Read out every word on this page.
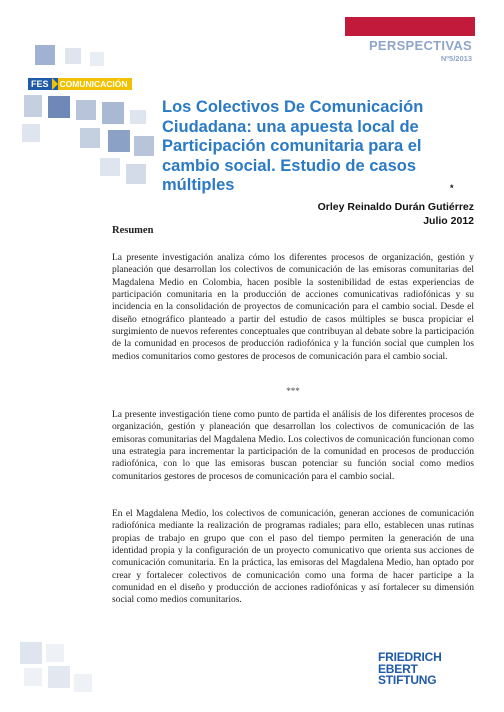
PERSPECTIVAS
Nº5/2013
FES	COMUNICACIÓN
Los Colectivos De Comunicación Ciudadana: una apuesta local de Participación comunitaria para el cambio social. Estudio de casos múltiples	*
Orley Reinaldo Durán Gutiérrez
Julio 2012
Resumen
La presente investigación analiza cómo los diferentes procesos de organización, gestión y planeación que desarrollan los colectivos de comunicación de las emisoras comunitarias del Magdalena Medio en Colombia, hacen posible la sostenibilidad de estas experiencias de participación comunitaria en la producción de acciones comunicativas radiofónicas y su incidencia en la consolidación de proyectos de comunicación para el cambio social. Desde el diseño etnográfico planteado a partir del estudio de casos múltiples se busca propiciar el surgimiento de nuevos referentes conceptuales que contribuyan al debate sobre la participación de la comunidad en procesos de producción radiofónica y la función social que cumplen los medios comunitarios como gestores de procesos de comunicación para el cambio social.
***
La presente investigación tiene como punto de partida el análisis de los diferentes procesos de organización, gestión y planeación que desarrollan los colectivos de comunicación de las emisoras comunitarias del Magdalena Medio. Los colectivos de comunicación funcionan como una estrategia para incrementar la participación de la comunidad en procesos de producción radiofónica, con lo que las emisoras buscan potenciar su función social como medios comunitarios gestores de procesos de comunicación para el cambio social.
En el Magdalena Medio, los colectivos de comunicación, generan acciones de comunicación radiofónica mediante la realización de programas radiales; para ello, establecen unas rutinas propias de trabajo en grupo que con el paso del tiempo permiten la generación de una identidad propia y la configuración de un proyecto comunicativo que orienta sus acciones de comunicación comunitaria. En la práctica, las emisoras del Magdalena Medio, han optado por crear y fortalecer colectivos de comunicación como una forma de hacer participe a la comunidad en el diseño y producción de acciones radiofónicas y así fortalecer su dimensión social como medios comunitarios.
FRIEDRICH
EBERT
STIFTUNG
